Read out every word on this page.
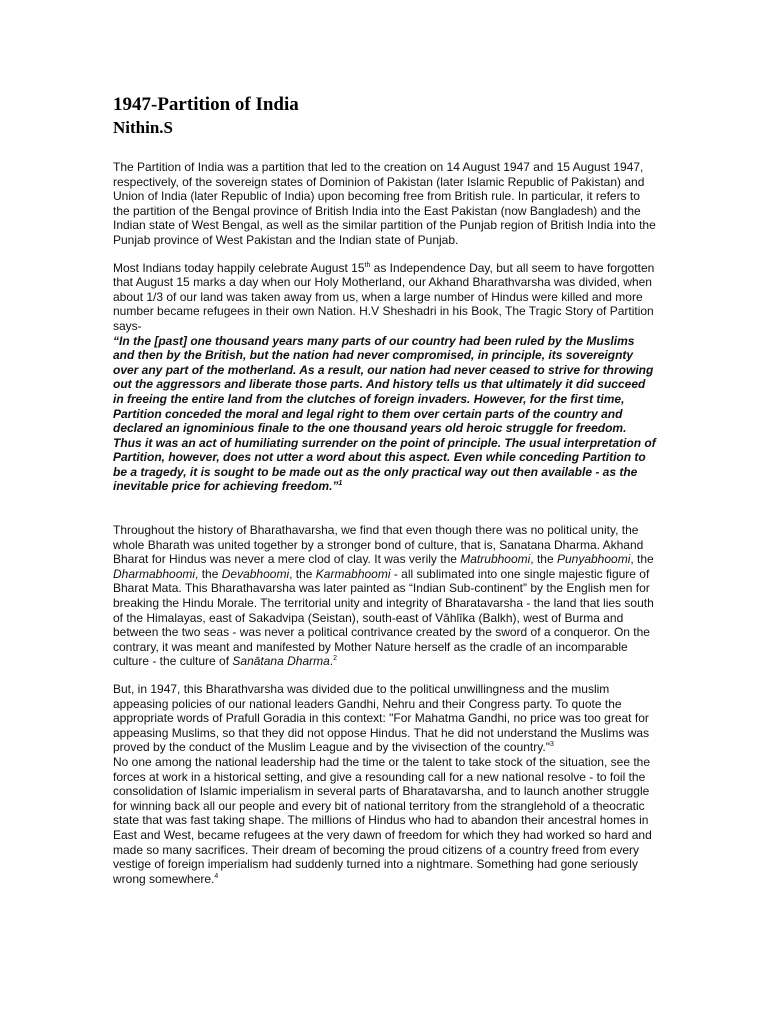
1947-Partition of India
Nithin.S

The Partition of India was a partition that led to the creation on 14 August 1947 and 15 August 1947, respectively, of the sovereign states of Dominion of Pakistan (later Islamic Republic of Pakistan) and Union of India (later Republic of India) upon becoming free from British rule. In particular, it refers to the partition of the Bengal province of British India into the East Pakistan (now Bangladesh) and the Indian state of West Bengal, as well as the similar partition of the Punjab region of British India into the Punjab province of West Pakistan and the Indian state of Punjab.

Most Indians today happily celebrate August 15th as Independence Day, but all seem to have forgotten that August 15 marks a day when our Holy Motherland, our Akhand Bharathvarsha was divided, when about 1/3 of our land was taken away from us, when a large number of Hindus were killed and more number became refugees in their own Nation. H.V Sheshadri in his Book, The Tragic Story of Partition says-

“In the [past] one thousand years many parts of our country had been ruled by the Muslims and then by the British, but the nation had never compromised, in principle, its sovereignty over any part of the motherland. As a result, our nation had never ceased to strive for throwing out the aggressors and liberate those parts. And history tells us that ultimately it did succeed in freeing the entire land from the clutches of foreign invaders. However, for the first time, Partition conceded the moral and legal right to them over certain parts of the country and declared an ignominious finale to the one thousand years old heroic struggle for freedom. Thus it was an act of humiliating surrender on the point of principle. The usual interpretation of Partition, however, does not utter a word about this aspect. Even while conceding Partition to be a tragedy, it is sought to be made out as the only practical way out then available - as the inevitable price for achieving freedom.”$^1$

Throughout the history of Bharathavarsha, we find that even though there was no political unity, the whole Bharath was united together by a stronger bond of culture, that is, Sanatana Dharma. Akhand Bharat for Hindus was never a mere clod of clay. It was verily the Matrubhoomi, the Punyabhoomi, the Dharmabhoomi, the Devabhoomi, the Karmabhoomi - all sublimated into one single majestic figure of Bharat Mata. This Bharathavarsha was later painted as “Indian Sub-continent” by the English men for breaking the Hindu Morale. The territorial unity and integrity of Bharatavarsha - the land that lies south of the Himalayas, east of Sakadvipa (Seistan), south-east of Vāhlīka (Balkh), west of Burma and between the two seas - was never a political contrivance created by the sword of a conqueror. On the contrary, it was meant and manifested by Mother Nature herself as the cradle of an incomparable culture - the culture of Sanātana Dharma.$^2$

But, in 1947, this Bharathvarsha was divided due to the political unwillingness and the muslim appeasing policies of our national leaders Gandhi, Nehru and their Congress party. To quote the appropriate words of Prafull Goradia in this context: "For Mahatma Gandhi, no price was too great for appeasing Muslims, so that they did not oppose Hindus. That he did not understand the Muslims was proved by the conduct of the Muslim League and by the vivisection of the country."$^3$

No one among the national leadership had the time or the talent to take stock of the situation, see the forces at work in a historical setting, and give a resounding call for a new national resolve - to foil the consolidation of Islamic imperialism in several parts of Bharatavarsha, and to launch another struggle for winning back all our people and every bit of national territory from the stranglehold of a theocratic state that was fast taking shape. The millions of Hindus who had to abandon their ancestral homes in East and West, became refugees at the very dawn of freedom for which they had worked so hard and made so many sacrifices. Their dream of becoming the proud citizens of a country freed from every vestige of foreign imperialism had suddenly turned into a nightmare. Something had gone seriously wrong somewhere.$^4$
